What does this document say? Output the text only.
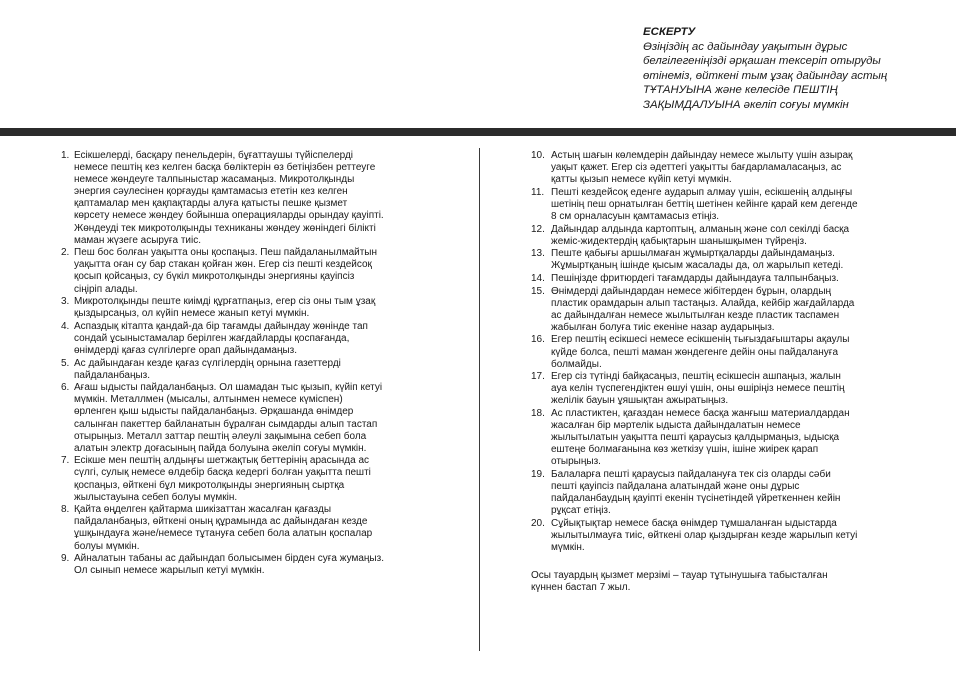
ЕСКЕРТУ
Өзіңіздің ас дайындау уақытын дұрыс
белгілегеніңізді әрқашан тексеріп отыруды
өтінеміз, өйткені тым ұзақ дайындау астың
ТҰТАНУЫНА және келесіде ПЕШТІҢ
ЗАҚЫМДАЛУЫНА әкеліп соғуы мүмкін
1. Есікшелерді, басқару пенельдерін, бұғаттаушы түйіспелерді
немесе пештің кез келген басқа бөліктерін өз бетіңізбен реттеуге
немесе жөндеуге талпыныстар жасамаңыз. Микротолқынды
энергия сәулесінен қорғауды қамтамасыз ететін кез келген
қаптамалар мен қақпақтарды алуға қатысты пешке қызмет
көрсету немесе жөндеу бойынша операцияларды орындау қауіпті.
Жөндеуді тек микротолқынды техниканы жөндеу жөніндегі білікті
маман жүзеге асыруға тиіс.
2. Пеш бос болған уақытта оны қоспаңыз. Пеш пайдаланылмайтын
уақытта оған су бар стакан қойған жөн. Егер сіз пешті кездейсоқ
қосып қойсаңыз, су бүкіл микротолқынды энергияны қауіпсіз
сіңіріп алады.
3. Микротолқынды пеште киімді құрғатпаңыз, егер сіз оны тым ұзақ
қыздырсаңыз, ол күйіп немесе жанып кетуі мүмкін.
4. Аспаздық кітапта қандай-да бір тағамды дайындау жөнінде тап
сондай ұсыныстамалар берілген жағдайларды қоспағанда,
өнімдерді қағаз сүлгілерге орап дайындамаңыз.
5. Ас дайындаған кезде қағаз сүлгілердің орнына газеттерді
пайдаланбаңыз.
6. Ағаш ыдысты пайдаланбаңыз. Ол шамадан тыс қызып, күйіп кетуі
мүмкін. Металлмен (мысалы, алтынмен немесе күміспен)
өрленген қыш ыдысты пайдаланбаңыз. Әрқашанда өнімдер
салынған пакеттер байланатын бұралған сымдарды алып тастап
отырыңыз. Металл заттар пештің әлеулі зақымына себеп бола
алатын электр доғасының пайда болуына әкеліп соғуы мүмкін.
7. Есікше мен пештің алдыңғы шетжақтық беттерінің арасында ас
сүлгі, сулық немесе өлдебір басқа кедергі болған уақытта пешті
қоспаңыз, өйткені бұл микротолқынды энергияның сыртқа
жылыстауына себеп болуы мүмкін.
8. Қайта өңделген қайтарма шикізаттан жасалған қағазды
пайдаланбаңыз, өйткені оның құрамында ас дайындаған кезде
ұшқындауға және/немесе тұтануға себеп бола алатын қоспалар
болуы мүмкін.
9. Айналатын табаны ас дайындап болысымен бірден суға жумаңыз.
Ол сынып немесе жарылып кетуі мүмкін.
10. Астың шағын көлемдерін дайындау немесе жылыту үшін азырақ
уақыт қажет. Егер сіз әдеттегі уақытты бағдарламаласаңыз, ас
қатты қызып немесе күйіп кетуі мүмкін.
11. Пешті кездейсоқ еденге аударып алмау үшін, есікшенің алдыңғы
шетінің пеш орнатылған беттің шетінен кейінге қарай кем дегенде
8 см орналасуын қамтамасыз етіңіз.
12. Дайындар алдында картоптың, алманың және сол секілді басқа
жеміс-жидектердің қабықтарын шанышқымен түйреңіз.
13. Пеште қабығы аршылмаған жұмыртқаларды дайындамаңыз.
Жұмыртқаның ішінде қысым жасалады да, ол жарылып кетеді.
14. Пешіңізде фритюрдегі тағамдарды дайындауға талпынбаңыз.
15. Өнімдерді дайындардан немесе жібітерден бұрын, олардың
пластик орамдарын алып тастаңыз. Алайда, кейбір жағдайларда
ас дайындалған немесе жылытылған кезде пластик таспамен
жабылған болуға тиіс екеніне назар аударыңыз.
16. Егер пештің есікшесі немесе есікшенің тығыздағыштары ақаулы
күйде болса, пешті маман жөндегенге дейін оны пайдалануға
болмайды.
17. Егер сіз түтінді байқасаңыз, пештің есікшесін ашпаңыз, жалын
ауа келін түспегендіктен өшуі үшін, оны өшіріңіз немесе пештің
желілік бауын ұяшықтан ажыратыңыз.
18. Ас пластиктен, қағаздан немесе басқа жанғыш материалдардан
жасалған бір мәртелік ыдыста дайындалатын немесе
жылытылатын уақытта пешті қараусыз қалдырмаңыз, ыдысқа
ештеңе болмағанына көз жеткізу үшін, ішіне жиірек қарап
отырыңыз.
19. Балаларға пешті қараусыз пайдалануға тек сіз оларды сәби
пешті қауіпсіз пайдалана алатындай және оны дұрыс
пайдаланбаудың қауіпті екенін түсінетіндей үйреткеннен кейін
рұқсат етіңіз.
20. Сұйықтықтар немесе басқа өнімдер тұмшаланған ыдыстарда
жылытылмауға тиіс, өйткені олар қыздырған кезде жарылып кетуі
мүмкін.
Осы тауардың қызмет мерзімі – тауар тұтынушыға табысталған
күннен бастап 7 жыл.
